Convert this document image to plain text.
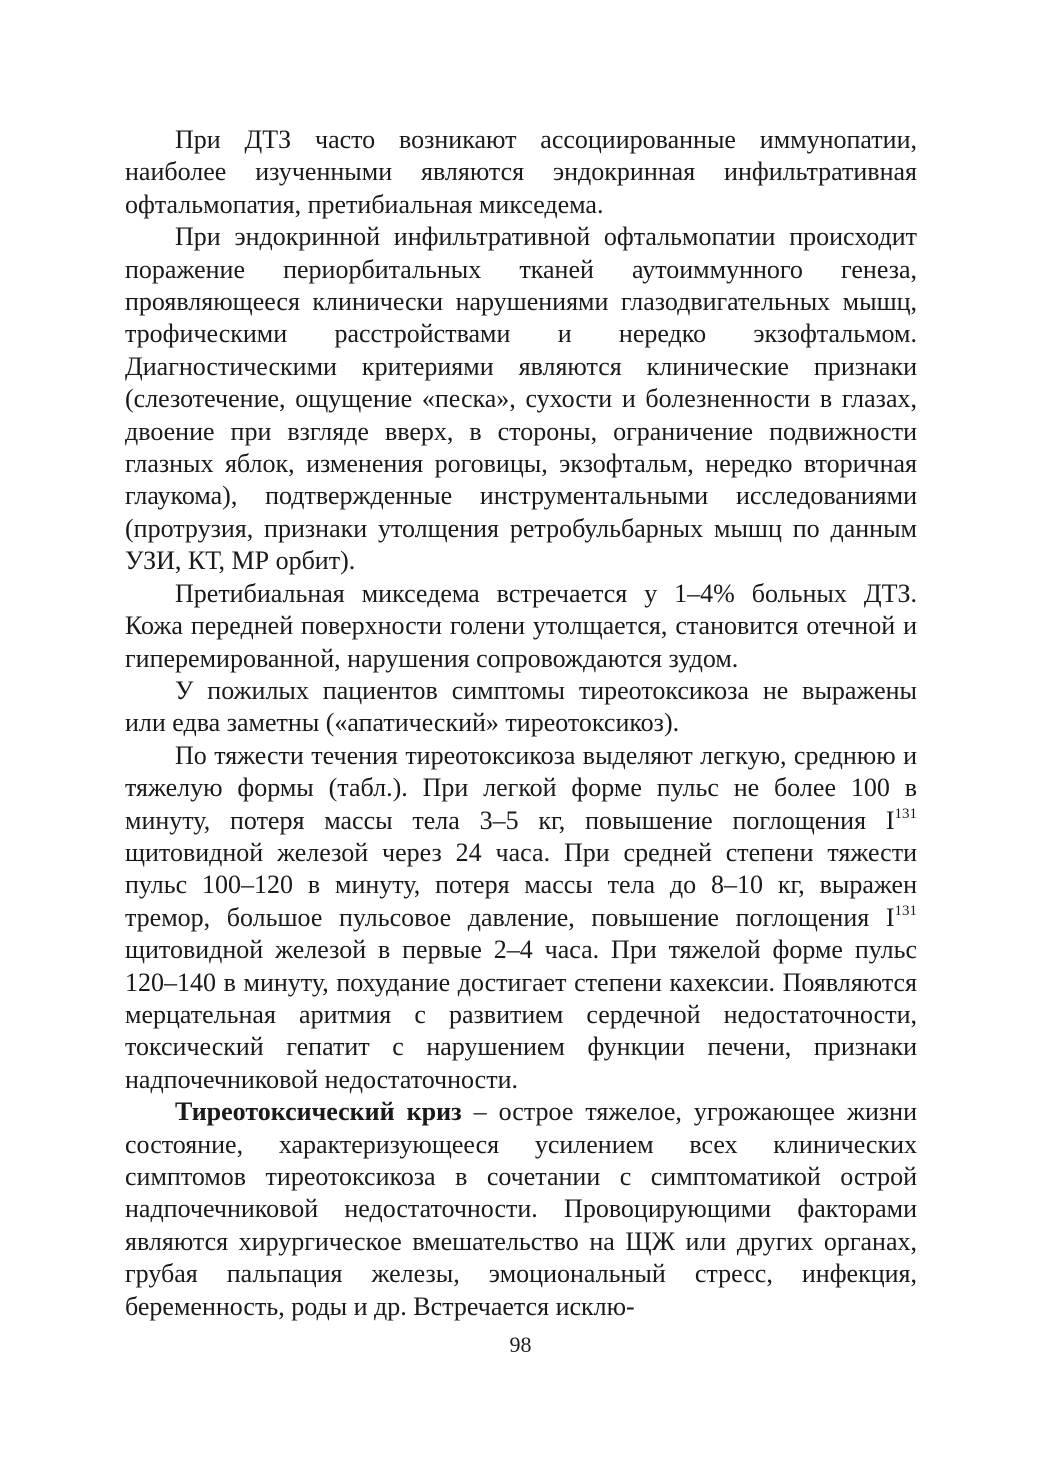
При ДТЗ часто возникают ассоциированные иммунопатии, наиболее изученными являются эндокринная инфильтративная офтальмопатия, претибиальная микседема.

При эндокринной инфильтративной офтальмопатии происходит поражение периорбитальных тканей аутоиммунного генеза, проявляющееся клинически нарушениями глазодвигательных мышц, трофическими расстройствами и нередко экзофтальмом. Диагностическими критериями являются клинические признаки (слезотечение, ощущение «песка», сухости и болезненности в глазах, двоение при взгляде вверх, в стороны, ограничение подвижности глазных яблок, изменения роговицы, экзофтальм, нередко вторичная глаукома), подтвержденные инструментальными исследованиями (протрузия, признаки утолщения ретробульбарных мышц по данным УЗИ, КТ, МР орбит).

Претибиальная микседема встречается у 1–4% больных ДТЗ. Кожа передней поверхности голени утолщается, становится отечной и гиперемированной, нарушения сопровождаются зудом.

У пожилых пациентов симптомы тиреотоксикоза не выражены или едва заметны («апатический» тиреотоксикоз).

По тяжести течения тиреотоксикоза выделяют легкую, среднюю и тяжелую формы (табл.). При легкой форме пульс не более 100 в минуту, потеря массы тела 3–5 кг, повышение поглощения $I^{131}$ щитовидной железой через 24 часа. При средней степени тяжести пульс 100–120 в минуту, потеря массы тела до 8–10 кг, выражен тремор, большое пульсовое давление, повышение поглощения $I^{131}$ щитовидной железой в первые 2–4 часа. При тяжелой форме пульс 120–140 в минуту, похудание достигает степени кахексии. Появляются мерцательная аритмия с развитием сердечной недостаточности, токсический гепатит с нарушением функции печени, признаки надпочечниковой недостаточности.

Тиреотоксический криз – острое тяжелое, угрожающее жизни состояние, характеризующееся усилением всех клинических симптомов тиреотоксикоза в сочетании с симптоматикой острой надпочечниковой недостаточности. Провоцирующими факторами являются хирургическое вмешательство на ЩЖ или других органах, грубая пальпация железы, эмоциональный стресс, инфекция, беременность, роды и др. Встречается исклю-

98
